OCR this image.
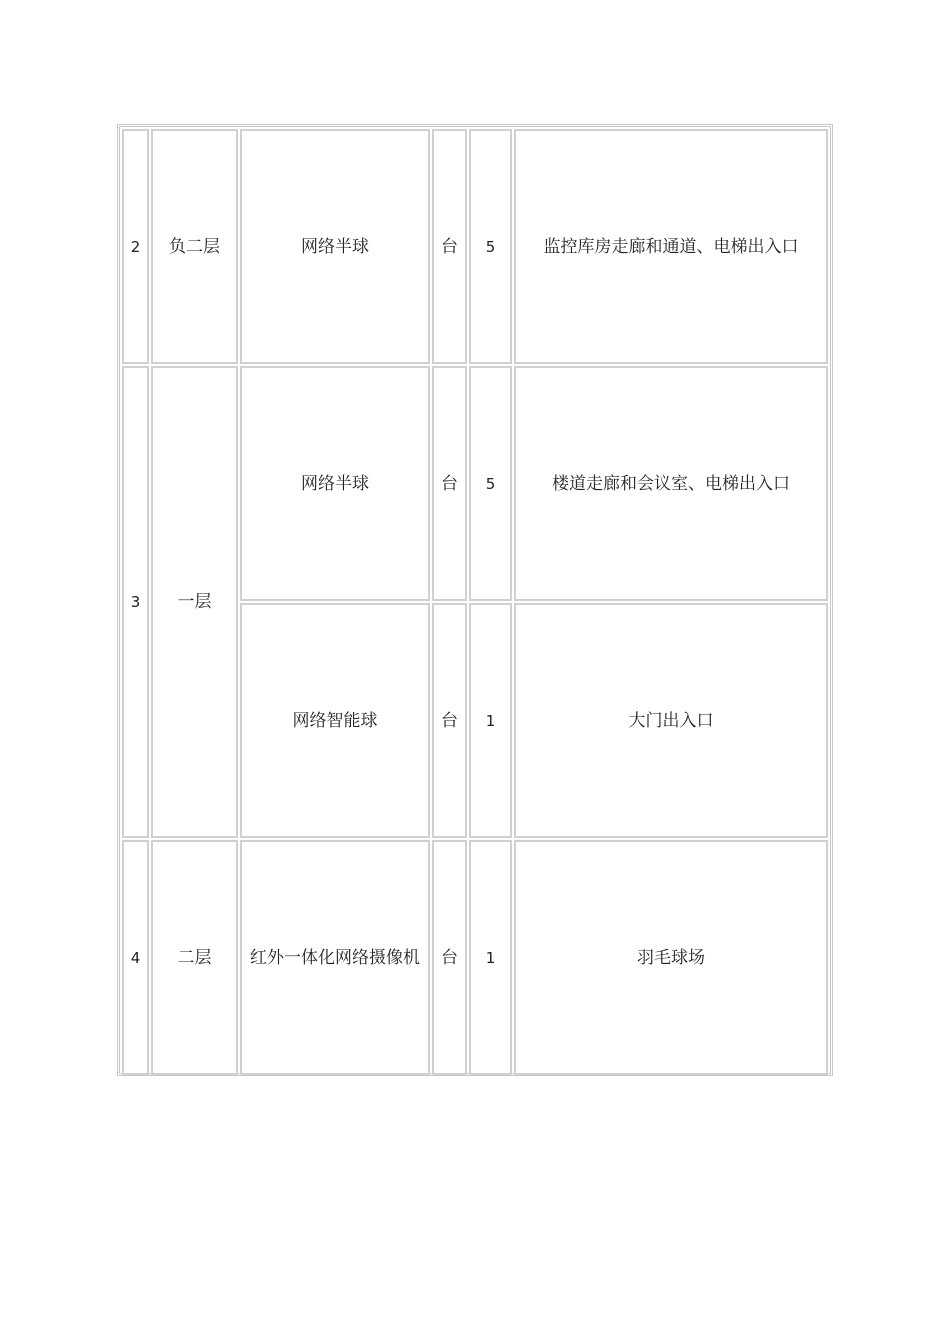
2	负二层	网络半球	台	5	监控库房走廊和通道、电梯出入口
3	一层	网络半球	台	5	楼道走廊和会议室、电梯出入口
		网络智能球	台	1	大门出入口
4	二层	红外一体化网络摄像机	台	1	羽毛球场
